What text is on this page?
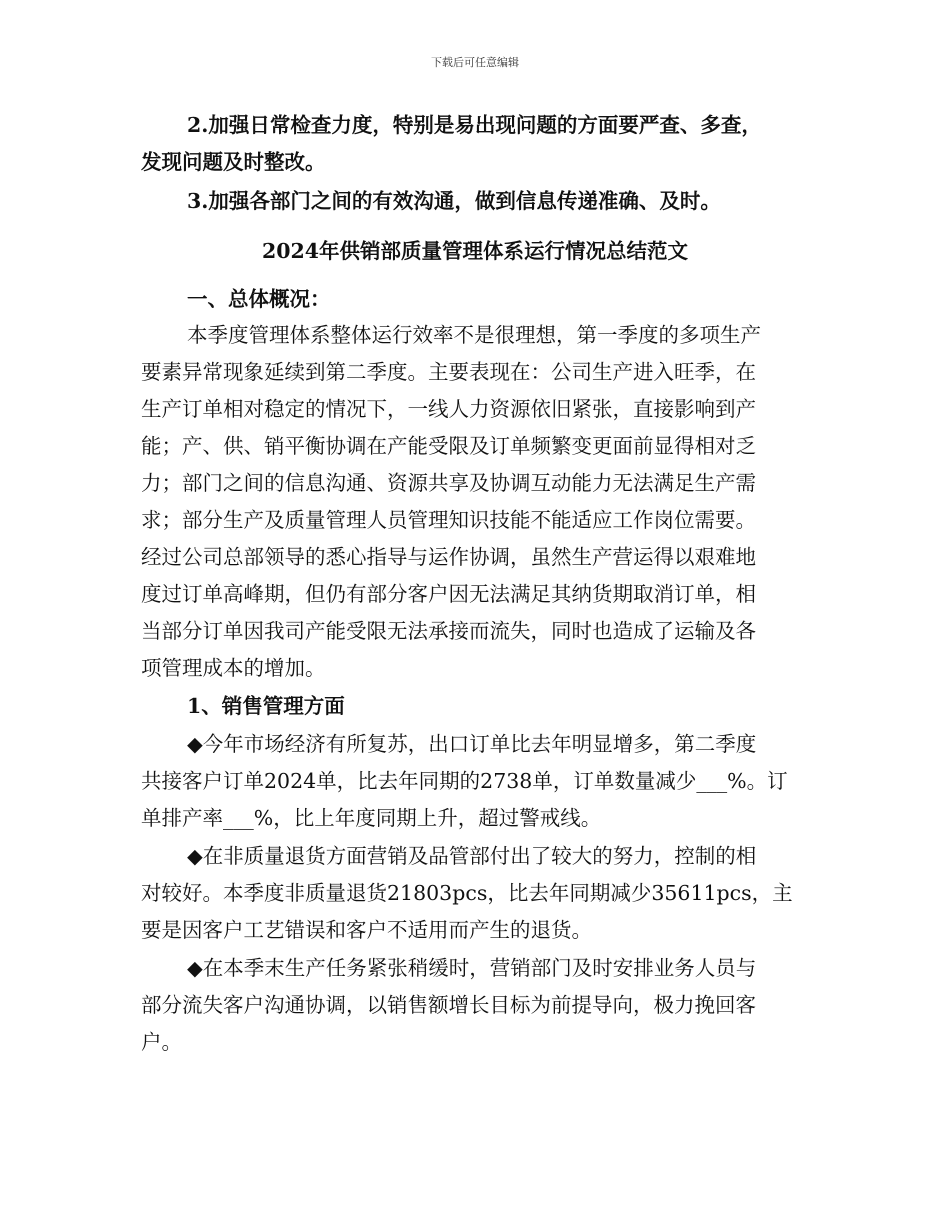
下载后可任意编辑
2.加强日常检查力度，特别是易出现问题的方面要严查、多查，
发现问题及时整改。
3.加强各部门之间的有效沟通，做到信息传递准确、及时。
2024年供销部质量管理体系运行情况总结范文
一、总体概况：
本季度管理体系整体运行效率不是很理想，第一季度的多项生产
要素异常现象延续到第二季度。主要表现在：公司生产进入旺季，在
生产订单相对稳定的情况下，一线人力资源依旧紧张，直接影响到产
能；产、供、销平衡协调在产能受限及订单频繁变更面前显得相对乏
力；部门之间的信息沟通、资源共享及协调互动能力无法满足生产需
求；部分生产及质量管理人员管理知识技能不能适应工作岗位需要。
经过公司总部领导的悉心指导与运作协调，虽然生产营运得以艰难地
度过订单高峰期，但仍有部分客户因无法满足其纳货期取消订单，相
当部分订单因我司产能受限无法承接而流失，同时也造成了运输及各
项管理成本的增加。
1、销售管理方面
◆今年市场经济有所复苏，出口订单比去年明显增多，第二季度
共接客户订单2024单，比去年同期的2738单，订单数量减少___%。订
单排产率___%，比上年度同期上升，超过警戒线。
◆在非质量退货方面营销及品管部付出了较大的努力，控制的相
对较好。本季度非质量退货21803pcs，比去年同期减少35611pcs，主
要是因客户工艺错误和客户不适用而产生的退货。
◆在本季末生产任务紧张稍缓时，营销部门及时安排业务人员与
部分流失客户沟通协调，以销售额增长目标为前提导向，极力挽回客
户。
